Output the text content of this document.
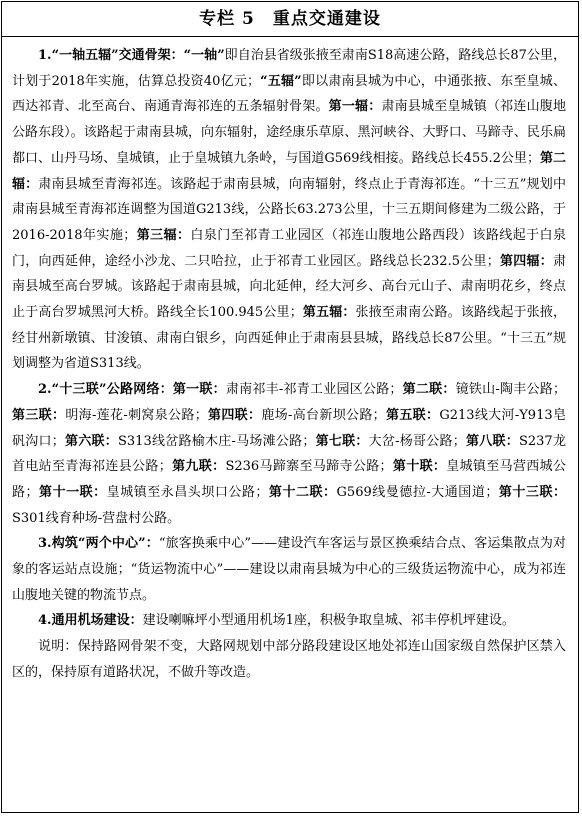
专栏 5　重点交通建设

1.“一轴五辐”交通骨架：“一轴”即自治县省级张掖至肃南S18高速公路，路线总长87公里，计划于2018年实施，估算总投资40亿元；“五辐”即以肃南县城为中心，中通张掖、东至皇城、西达祁青、北至高台、南通青海祁连的五条辐射骨架。第一辐：肃南县城至皇城镇（祁连山腹地公路东段）。该路起于肃南县城，向东辐射，途经康乐草原、黑河峡谷、大野口、马蹄寺、民乐扁都口、山丹马场、皇城镇，止于皇城镇九条岭，与国道G569线相接。路线总长455.2公里；第二辐：肃南县城至青海祁连。该路起于肃南县城，向南辐射，终点止于青海祁连。“十三五”规划中肃南县城至青海祁连调整为国道G213线，公路长63.273公里，十三五期间修建为二级公路，于2016-2018年实施；第三辐：白泉门至祁青工业园区（祁连山腹地公路西段）该路线起于白泉门，向西延伸，途经小沙龙、二只哈拉，止于祁青工业园区。路线总长232.5公里；第四辐：肃南县城至高台罗城。该路起于肃南县城，向北延伸，经大河乡、高台元山子、肃南明花乡，终点止于高台罗城黑河大桥。路线全长100.945公里；第五辐：张掖至肃南公路。该路线起于张掖，经甘州新墩镇、甘浚镇、肃南白银乡，向西延伸止于肃南县县城，路线总长87公里。“十三五”规划调整为省道S313线。

2.“十三联”公路网络：第一联：肃南祁丰-祁青工业园区公路；第二联：镜铁山-陶丰公路；第三联：明海-莲花-刺窝泉公路；第四联：鹿场-高台新坝公路；第五联：G213线大河-Y913皂矾沟口；第六联：S313线岔路榆木庄-马场滩公路；第七联：大岔-杨哥公路；第八联：S237龙首电站至青海祁连县公路；第九联：S236马蹄寨至马蹄寺公路；第十联：皇城镇至马营西城公路；第十一联：皇城镇至永昌头坝口公路；第十二联：G569线曼德拉-大通国道；第十三联：S301线育种场-营盘村公路。

3.构筑“两个中心”：“旅客换乘中心”——建设汽车客运与景区换乘结合点、客运集散点为对象的客运站点设施；“货运物流中心”——建设以肃南县城为中心的三级货运物流中心，成为祁连山腹地关键的物流节点。

4.通用机场建设：建设喇嘛坪小型通用机场1座，积极争取皇城、祁丰停机坪建设。

说明：保持路网骨架不变，大路网规划中部分路段建设区地处祁连山国家级自然保护区禁入区的，保持原有道路状况，不做升等改造。
